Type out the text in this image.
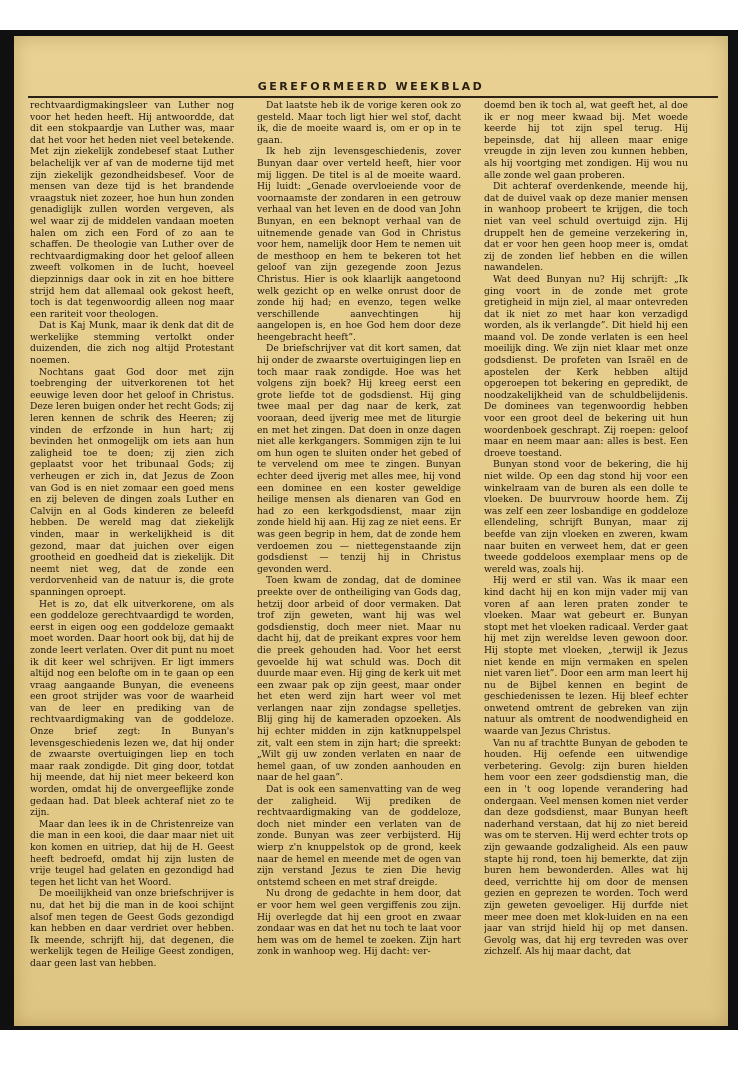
GEREFORMEERD WEEKBLAD

rechtvaardigmakingsleer van Luther nog voor het heden heeft. Hij antwoordde, dat dit een stokpaardje van Luther was, maar dat het voor het heden niet veel betekende. Met zijn ziekelijk zondebesef staat Luther belachelijk ver af van de moderne tijd met zijn ziekelijk gezondheidsbesef. Voor de mensen van deze tijd is het brandende vraagstuk niet zozeer, hoe hun hun zonden genadiglijk zullen worden vergeven, als wel waar zij de middelen vandaan moeten halen om zich een Ford of zo aan te schaffen. De theologie van Luther over de rechtvaardigmaking door het geloof alleen zweeft volkomen in de lucht, hoeveel diepzinnigs daar ook in zit en hoe bittere strijd hem dat allemaal ook gekost heeft, toch is dat tegenwoordig alleen nog maar een rariteit voor theologen.

Dat is Kaj Munk, maar ik denk dat dit de werkelijke stemming vertolkt onder duizenden, die zich nog altijd Protestant noemen.

Nochtans gaat God door met zijn toebrenging der uitverkorenen tot het eeuwige leven door het geloof in Christus. Deze leren buigen onder het recht Gods; zij leren kennen de schrik des Heeren; zij vinden de erfzonde in hun hart; zij bevinden het onmogelijk om iets aan hun zaligheid toe te doen; zij zien zich geplaatst voor het tribunaal Gods; zij verheugen er zich in, dat Jezus de Zoon van God is en niet zomaar een goed mens en zij beleven de dingen zoals Luther en Calvijn en al Gods kinderen ze beleefd hebben. De wereld mag dat ziekelijk vinden, maar in werkelijkheid is dit gezond, maar dat juichen over eigen grootheid en goedheid dat is ziekelijk. Dit neemt niet weg, dat de zonde een verdorvenheid van de natuur is, die grote spanningen oproept.

Het is zo, dat elk uitverkorene, om als een goddeloze gerechtvaardigd te worden, eerst in eigen oog een goddeloze gemaakt moet worden. Daar hoort ook bij, dat hij de zonde leert verlaten. Over dit punt nu moet ik dit keer wel schrijven. Er ligt immers altijd nog een belofte om in te gaan op een vraag aangaande Bunyan, die eveneens een groot strijder was voor de waarheid van de leer en prediking van de rechtvaardigmaking van de goddeloze. Onze brief zegt: In Bunyan's levensgeschiedenis lezen we, dat hij onder de zwaarste overtuigingen liep en toch maar raak zondigde. Dit ging door, totdat hij meende, dat hij niet meer bekeerd kon worden, omdat hij de onvergeeflijke zonde gedaan had. Dat bleek achteraf niet zo te zijn.

Maar dan lees ik in de Christenreize van die man in een kooi, die daar maar niet uit kon komen en uitriep, dat hij de H. Geest heeft bedroefd, omdat hij zijn lusten de vrije teugel had gelaten en gezondigd had tegen het licht van het Woord.

De moeilijkheid van onze briefschrijver is nu, dat het bij die man in de kooi schijnt alsof men tegen de Geest Gods gezondigd kan hebben en daar verdriet over hebben. Ik meende, schrijft hij, dat degenen, die werkelijk tegen de Heilige Geest zondigen, daar geen last van hebben.

Dat laatste heb ik de vorige keren ook zo gesteld. Maar toch ligt hier wel stof, dacht ik, die de moeite waard is, om er op in te gaan.

Ik heb zijn levensgeschiedenis, zover Bunyan daar over verteld heeft, hier voor mij liggen. De titel is al de moeite waard. Hij luidt: „Genade overvloeiende voor de voornaamste der zondaren in een getrouw verhaal van het leven en de dood van John Bunyan, en een beknopt verhaal van de uitnemende genade van God in Christus voor hem, namelijk door Hem te nemen uit de mesthoop en hem te bekeren tot het geloof van zijn gezegende zoon Jezus Christus. Hier is ook klaarlijk aangetoond welk gezicht op en welke onrust door de zonde hij had; en evenzo, tegen welke verschillende aanvechtingen hij aangelopen is, en hoe God hem door deze heengebracht heeft”.

De briefschrijver vat dit kort samen, dat hij onder de zwaarste overtuigingen liep en toch maar raak zondigde. Hoe was het volgens zijn boek? Hij kreeg eerst een grote liefde tot de godsdienst. Hij ging twee maal per dag naar de kerk, zat vooraan, deed ijverig mee met de liturgie en met het zingen. Dat doen in onze dagen niet alle kerkgangers. Sommigen zijn te lui om hun ogen te sluiten onder het gebed of te vervelend om mee te zingen. Bunyan echter deed ijverig met alles mee, hij vond een dominee en een koster geweldige heilige mensen als dienaren van God en had zo een kerkgodsdienst, maar zijn zonde hield hij aan. Hij zag ze niet eens. Er was geen begrip in hem, dat de zonde hem verdoemen zou — niettegenstaande zijn godsdienst — tenzij hij in Christus gevonden werd.

Toen kwam de zondag, dat de dominee preekte over de ontheiliging van Gods dag, hetzij door arbeid of door vermaken. Dat trof zijn geweten, want hij was wel godsdienstig, doch meer niet. Maar nu dacht hij, dat de preikant expres voor hem die preek gehouden had. Voor het eerst gevoelde hij wat schuld was. Doch dit duurde maar even. Hij ging de kerk uit met een zwaar pak op zijn geest, maar onder het eten werd zijn hart weer vol met verlangen naar zijn zondagse spelletjes. Blij ging hij de kameraden opzoeken. Als hij echter midden in zijn katknuppelspel zit, valt een stem in zijn hart; die spreekt: „Wilt gij uw zonden verlaten en naar de hemel gaan, of uw zonden aanhouden en naar de hel gaan”.

Dat is ook een samenvatting van de weg der zaligheid. Wij prediken de rechtvaardigmaking van de goddeloze, doch niet minder een verlaten van de zonde. Bunyan was zeer verbijsterd. Hij wierp z'n knuppelstok op de grond, keek naar de hemel en meende met de ogen van zijn verstand Jezus te zien Die hevig ontstemd scheen en met straf dreigde.

Nu drong de gedachte in hem door, dat er voor hem wel geen vergiffenis zou zijn. Hij overlegde dat hij een groot en zwaar zondaar was en dat het nu toch te laat voor hem was om de hemel te zoeken. Zijn hart zonk in wanhoop weg. Hij dacht: ver-

doemd ben ik toch al, wat geeft het, al doe ik er nog meer kwaad bij. Met woede keerde hij tot zijn spel terug. Hij bepeinsde, dat hij alleen maar enige vreugde in zijn leven zou kunnen hebben, als hij voortging met zondigen. Hij wou nu alle zonde wel gaan proberen.

Dit achteraf overdenkende, meende hij, dat de duivel vaak op deze manier mensen in wanhoop probeert te krijgen, die toch niet van veel schuld overtuigd zijn. Hij druppelt hen de gemeine verzekering in, dat er voor hen geen hoop meer is, omdat zij de zonden lief hebben en die willen nawandelen.

Wat deed Bunyan nu? Hij schrijft: „Ik ging voort in de zonde met grote gretigheid in mijn ziel, al maar ontevreden dat ik niet zo met haar kon verzadigd worden, als ik verlangde”. Dit hield hij een maand vol. De zonde verlaten is een heel moeilijk ding. We zijn niet klaar met onze godsdienst. De profeten van Israël en de apostelen der Kerk hebben altijd opgeroepen tot bekering en gepredikt, de noodzakelijkheid van de schuldbelijdenis. De dominees van tegenwoordig hebben voor een groot deel de bekering uit hun woordenboek geschrapt. Zij roepen: geloof maar en neem maar aan: alles is best. Een droeve toestand.

Bunyan stond voor de bekering, die hij niet wilde. Op een dag stond hij voor een winkelraam van de buren als een dolle te vloeken. De buurvrouw hoorde hem. Zij was zelf een zeer losbandige en goddeloze ellendeling, schrijft Bunyan, maar zij beefde van zijn vloeken en zweren, kwam naar buiten en verweet hem, dat er geen tweede goddeloos exemplaar mens op de wereld was, zoals hij.

Hij werd er stil van. Was ik maar een kind dacht hij en kon mijn vader mij van voren af aan leren praten zonder te vloeken. Maar wat gebeurt er. Bunyan stopt met het vloeken radicaal. Verder gaat hij met zijn wereldse leven gewoon door. Hij stopte met vloeken, „terwijl ik Jezus niet kende en mijn vermaken en spelen niet varen liet”. Door een arm man leert hij nu de Bijbel kennen en begint de geschiedenissen te lezen. Hij bleef echter onwetend omtrent de gebreken van zijn natuur als omtrent de noodwendigheid en waarde van Jezus Christus.

Van nu af trachtte Bunyan de geboden te houden. Hij oefende een uitwendige verbetering. Gevolg: zijn buren hielden hem voor een zeer godsdienstig man, die een in 't oog lopende verandering had ondergaan. Veel mensen komen niet verder dan deze godsdienst, maar Bunyan heeft naderhand verstaan, dat hij zo niet bereid was om te sterven. Hij werd echter trots op zijn gewaande godzaligheid. Als een pauw stapte hij rond, toen hij bemerkte, dat zijn buren hem bewonderden. Alles wat hij deed, verrichtte hij om door de mensen gezien en geprezen te worden. Toch werd zijn geweten gevoeliger. Hij durfde niet meer mee doen met klok-luiden en na een jaar van strijd hield hij op met dansen. Gevolg was, dat hij erg tevreden was over zichzelf. Als hij maar dacht, dat
